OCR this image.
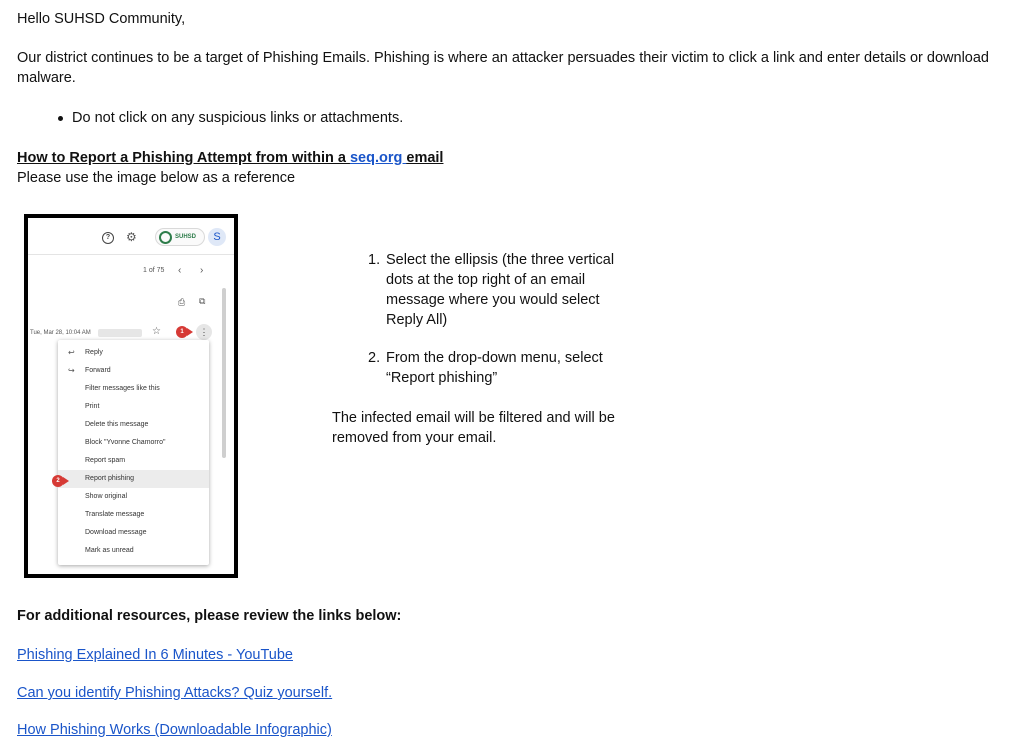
Hello SUHSD Community,

Our district continues to be a target of Phishing Emails. Phishing is where an attacker persuades their victim to click a link and enter details or download malware.

Do not click on any suspicious links or attachments.

How to Report a Phishing Attempt from within a seq.org email

Please use the image below as a reference

?	⚙	SUHSD	S
1 of 75 ‹ ›
⎙ ⧉
Tue, Mar 28, 10:04 AM	☆	1	⋮
↩ Reply
↪ Forward
Filter messages like this
Print
Delete this message
Block "Yvonne Chamorro"
Report spam
Report phishing
Show original
Translate message
Download message
Mark as unread
2
1. Select the ellipsis (the three vertical dots at the top right of an email message where you would select Reply All)
2. From the drop-down menu, select “Report phishing”

The infected email will be filtered and will be removed from your email.

For additional resources, please review the links below:

Phishing Explained In 6 Minutes - YouTube
Can you identify Phishing Attacks? Quiz yourself.
How Phishing Works (Downloadable Infographic)
